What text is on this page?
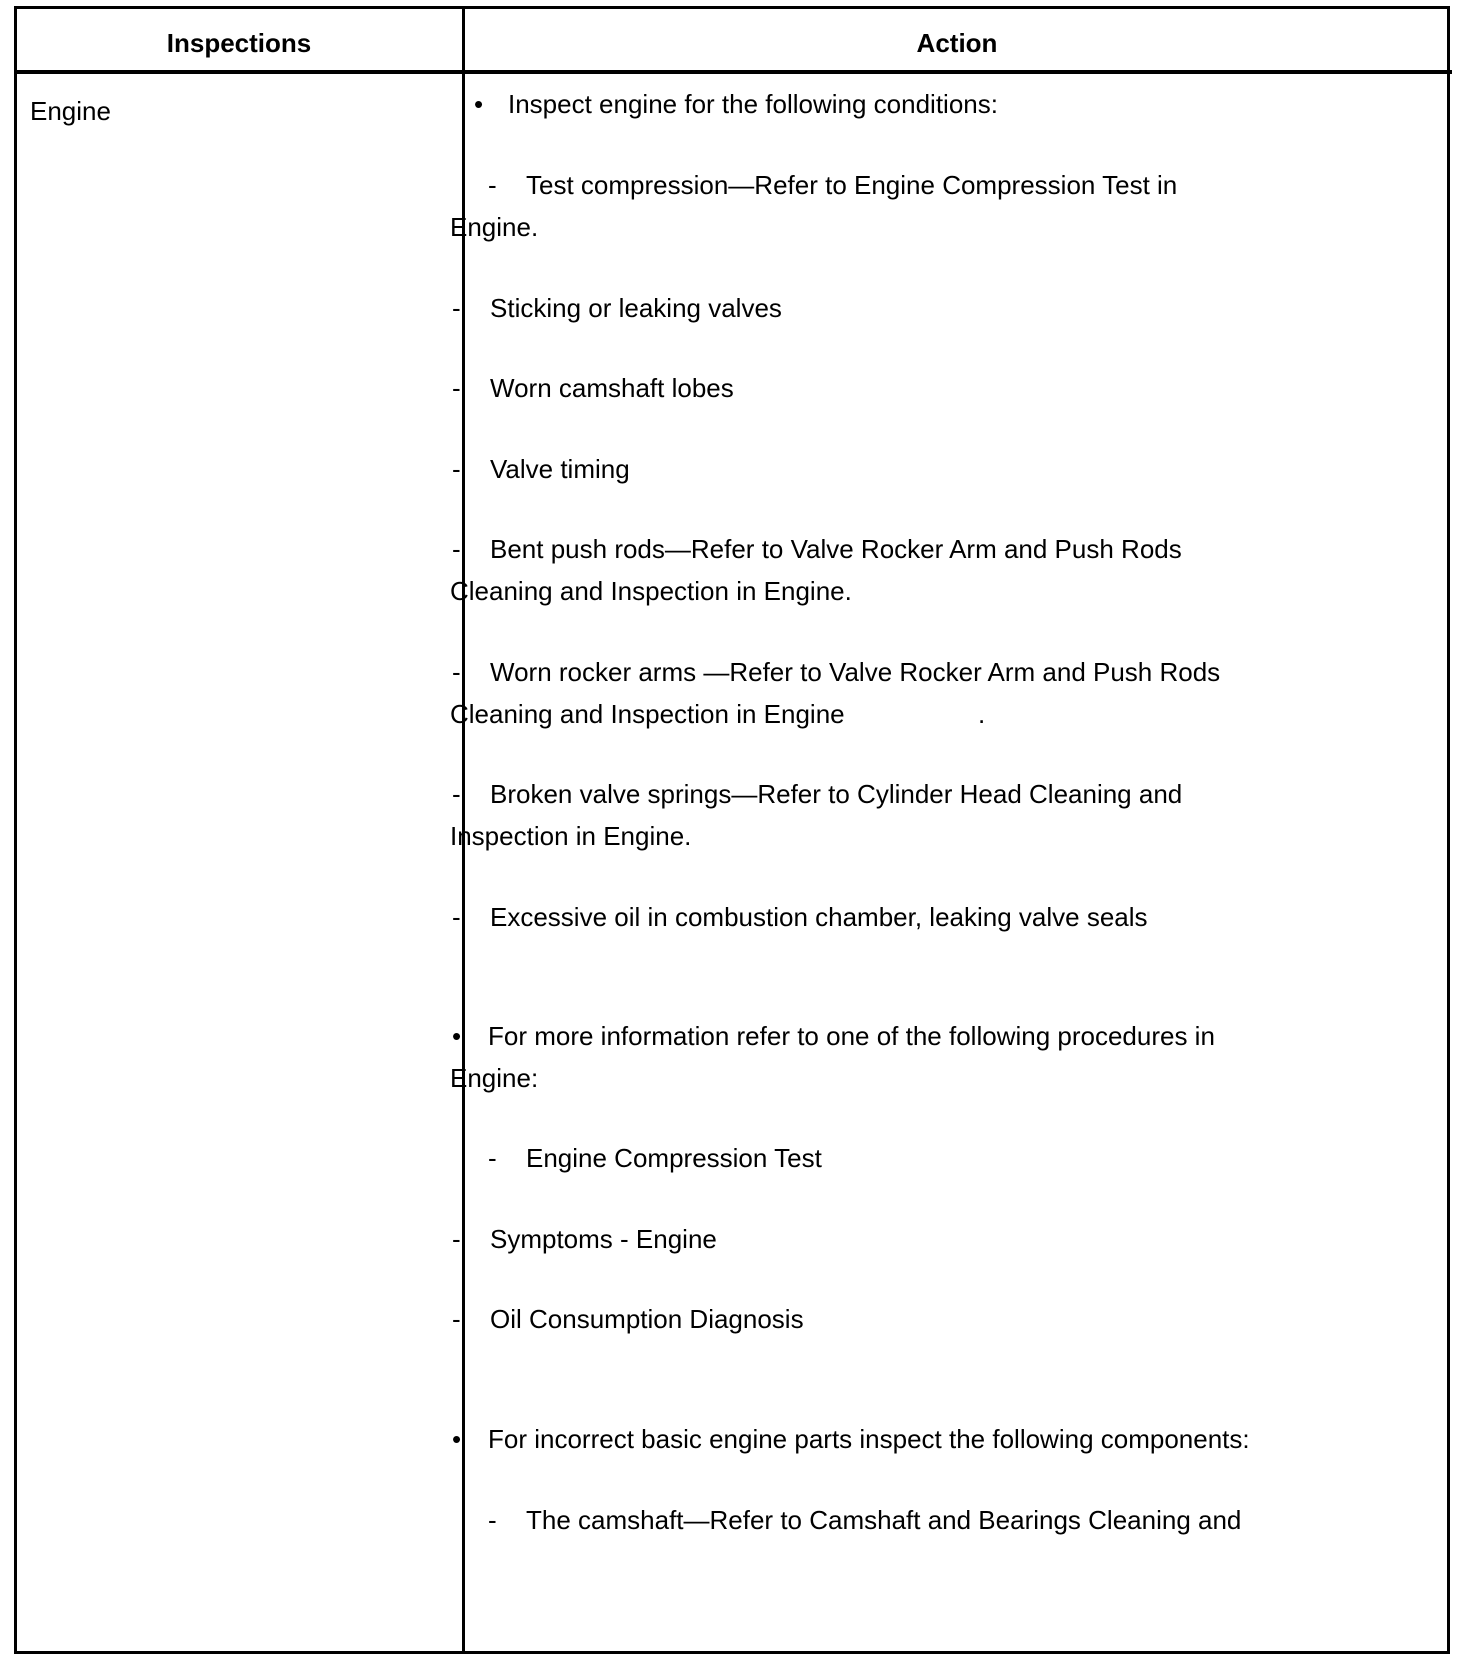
Inspections	Action
Engine	• Inspect engine for the following conditions:
- Test compression—Refer to Engine Compression Test in
Engine.
- Sticking or leaking valves
- Worn camshaft lobes
- Valve timing
- Bent push rods—Refer to Valve Rocker Arm and Push Rods
Cleaning and Inspection in Engine.
- Worn rocker arms —Refer to Valve Rocker Arm and Push Rods
Cleaning and Inspection in Engine	.
- Broken valve springs—Refer to Cylinder Head Cleaning and
Inspection in Engine.
- Excessive oil in combustion chamber, leaking valve seals
• For more information refer to one of the following procedures in
Engine:
- Engine Compression Test
- Symptoms - Engine
- Oil Consumption Diagnosis
• For incorrect basic engine parts inspect the following components:
- The camshaft—Refer to Camshaft and Bearings Cleaning and
